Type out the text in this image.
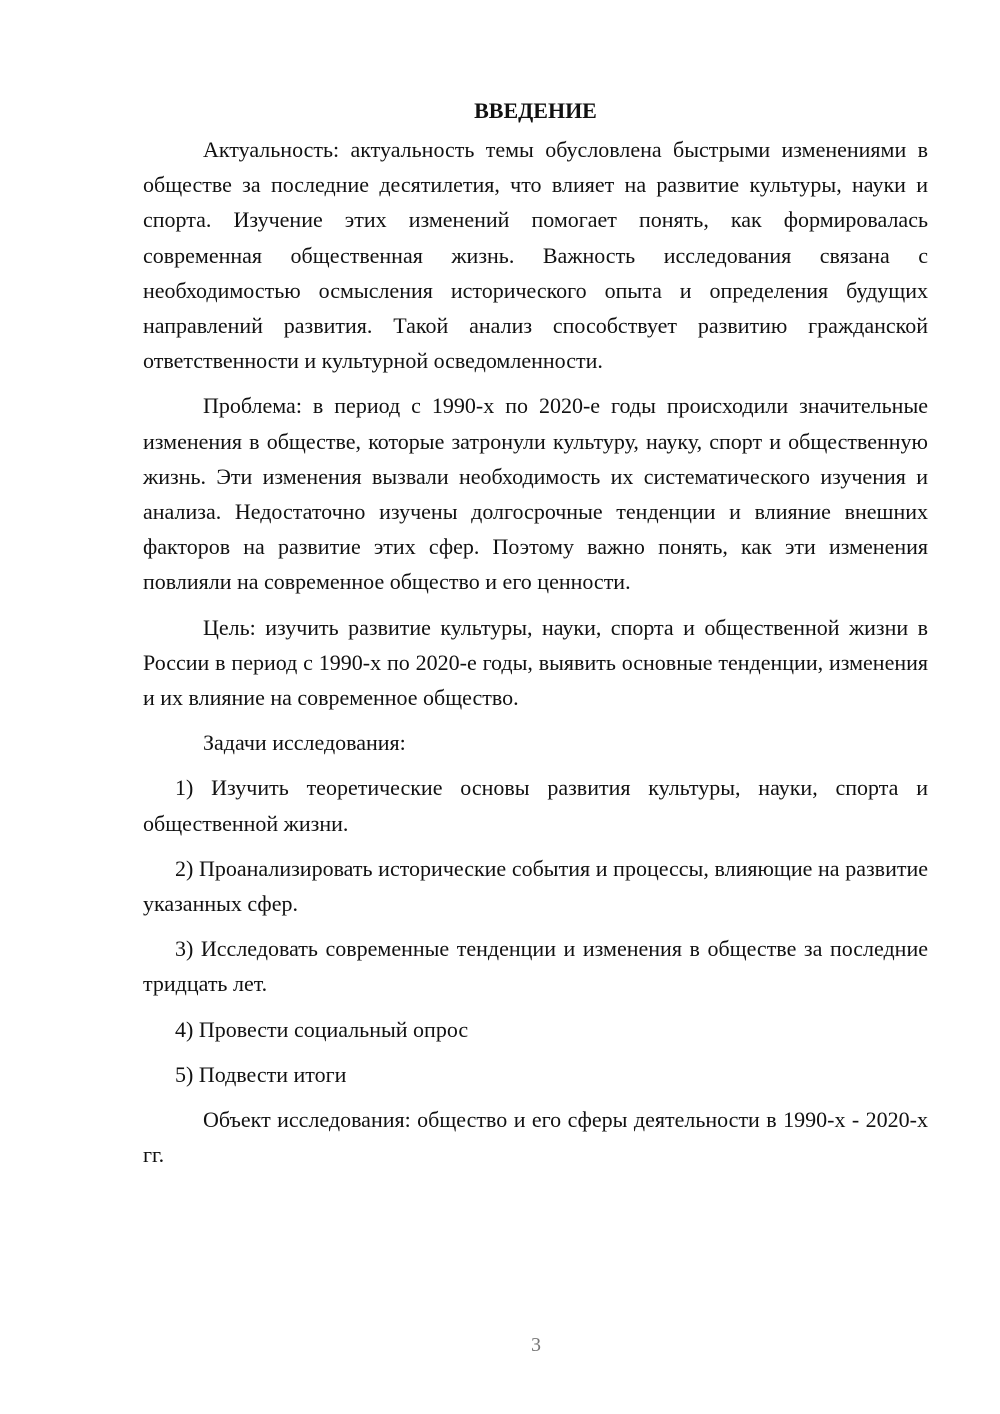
ВВЕДЕНИЕ

Актуальность: актуальность темы обусловлена быстрыми изменениями в обществе за последние десятилетия, что влияет на развитие культуры, науки и спорта. Изучение этих изменений помогает понять, как формировалась современная общественная жизнь. Важность исследования связана с необходимостью осмысления исторического опыта и определения будущих направлений развития. Такой анализ способствует развитию гражданской ответственности и культурной осведомленности.

Проблема: в период с 1990-х по 2020-е годы происходили значительные изменения в обществе, которые затронули культуру, науку, спорт и общественную жизнь. Эти изменения вызвали необходимость их систематического изучения и анализа. Недостаточно изучены долгосрочные тенденции и влияние внешних факторов на развитие этих сфер. Поэтому важно понять, как эти изменения повлияли на современное общество и его ценности.

Цель: изучить развитие культуры, науки, спорта и общественной жизни в России в период с 1990-х по 2020-е годы, выявить основные тенденции, изменения и их влияние на современное общество.

Задачи исследования:

1) Изучить теоретические основы развития культуры, науки, спорта и общественной жизни.

2) Проанализировать исторические события и процессы, влияющие на развитие указанных сфер.

3) Исследовать современные тенденции и изменения в обществе за последние тридцать лет.

4) Провести социальный опрос

5) Подвести итоги

Объект исследования: общество и его сферы деятельности в 1990-х - 2020-х гг.

3
